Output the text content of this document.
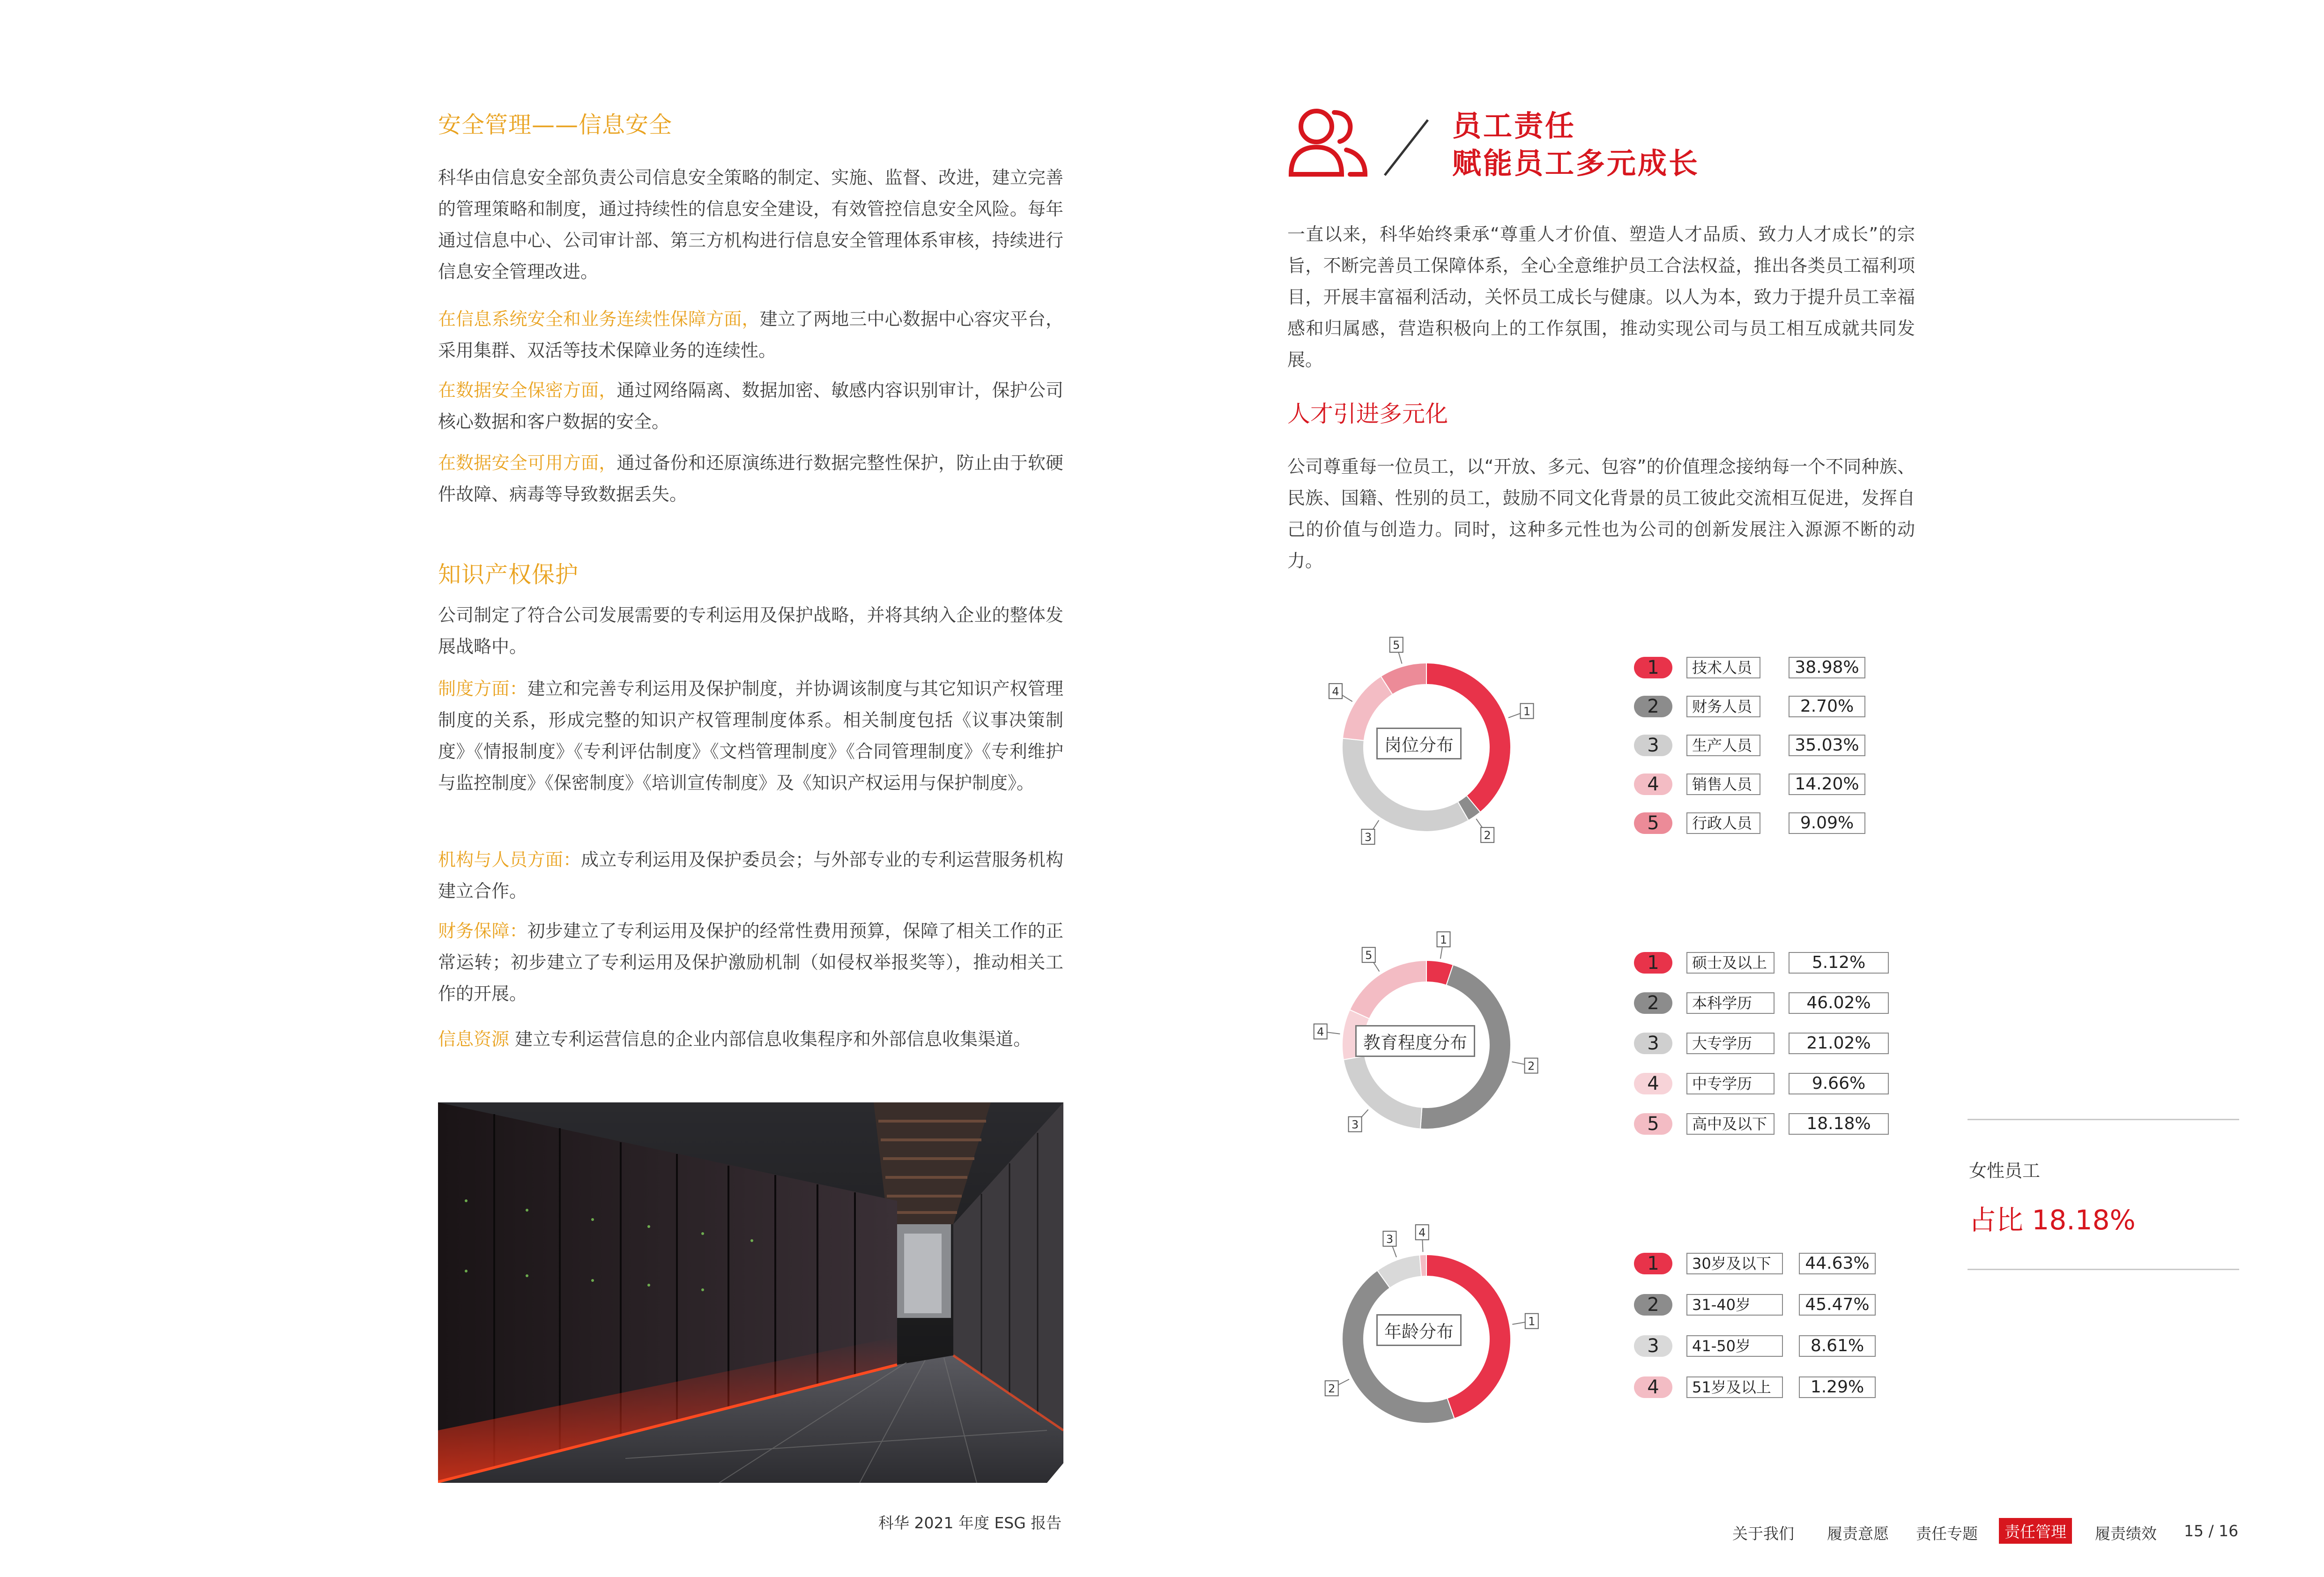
安全管理——信息安全

科华由信息安全部负责公司信息安全策略的制定、实施、监督、改进，建立完善的管理策略和制度，通过持续性的信息安全建设，有效管控信息安全风险。每年通过信息中心、公司审计部、第三方机构进行信息安全管理体系审核，持续进行信息安全管理改进。

在信息系统安全和业务连续性保障方面，建立了两地三中心数据中心容灾平台，采用集群、双活等技术保障业务的连续性。

在数据安全保密方面，通过网络隔离、数据加密、敏感内容识别审计，保护公司核心数据和客户数据的安全。

在数据安全可用方面，通过备份和还原演练进行数据完整性保护，防止由于软硬件故障、病毒等导致数据丢失。

知识产权保护

公司制定了符合公司发展需要的专利运用及保护战略，并将其纳入企业的整体发展战略中。

制度方面：建立和完善专利运用及保护制度，并协调该制度与其它知识产权管理制度的关系，形成完整的知识产权管理制度体系。相关制度包括《议事决策制度》《情报制度》《专利评估制度》《文档管理制度》《合同管理制度》《专利维护与监控制度》《保密制度》《培训宣传制度》及《知识产权运用与保护制度》。

机构与人员方面：成立专利运用及保护委员会；与外部专业的专利运营服务机构建立合作。

财务保障：初步建立了专利运用及保护的经常性费用预算，保障了相关工作的正常运转；初步建立了专利运用及保护激励机制（如侵权举报奖等），推动相关工作的开展。

信息资源 建立专利运营信息的企业内部信息收集程序和外部信息收集渠道。

科华 2021 年度 ESG 报告
员工责任
赋能员工多元成长

一直以来，科华始终秉承“尊重人才价值、塑造人才品质、致力人才成长”的宗旨，不断完善员工保障体系，全心全意维护员工合法权益，推出各类员工福利项目，开展丰富福利活动，关怀员工成长与健康。以人为本，致力于提升员工幸福感和归属感，营造积极向上的工作氛围，推动实现公司与员工相互成就共同发展。

人才引进多元化

公司尊重每一位员工，以“开放、多元、包容”的价值理念接纳每一个不同种族、民族、国籍、性别的员工，鼓励不同文化背景的员工彼此交流相互促进，发挥自己的价值与创造力。同时，这种多元性也为公司的创新发展注入源源不断的动力。

1
2
3
4
5
1
2
3
4
5
1
2
3 4
岗位分布
教育程度分布
年龄分布
1	技术人员	38.98%
2	财务人员	2.70%
3	生产人员	35.03%
4	销售人员	14.20%
5	行政人员	9.09%
1	硕士及以上	5.12%
2	本科学历	46.02%
3	大专学历	21.02%
4	中专学历	9.66%
5	高中及以下	18.18%
1	30岁及以下	44.63%
2	31-40岁	45.47%
3	41-50岁	8.61%
4	51岁及以上	1.29%
女性员工
占比 18.18%
关于我们 履责意愿 责任专题	责任管理	履责绩效 15 / 16
